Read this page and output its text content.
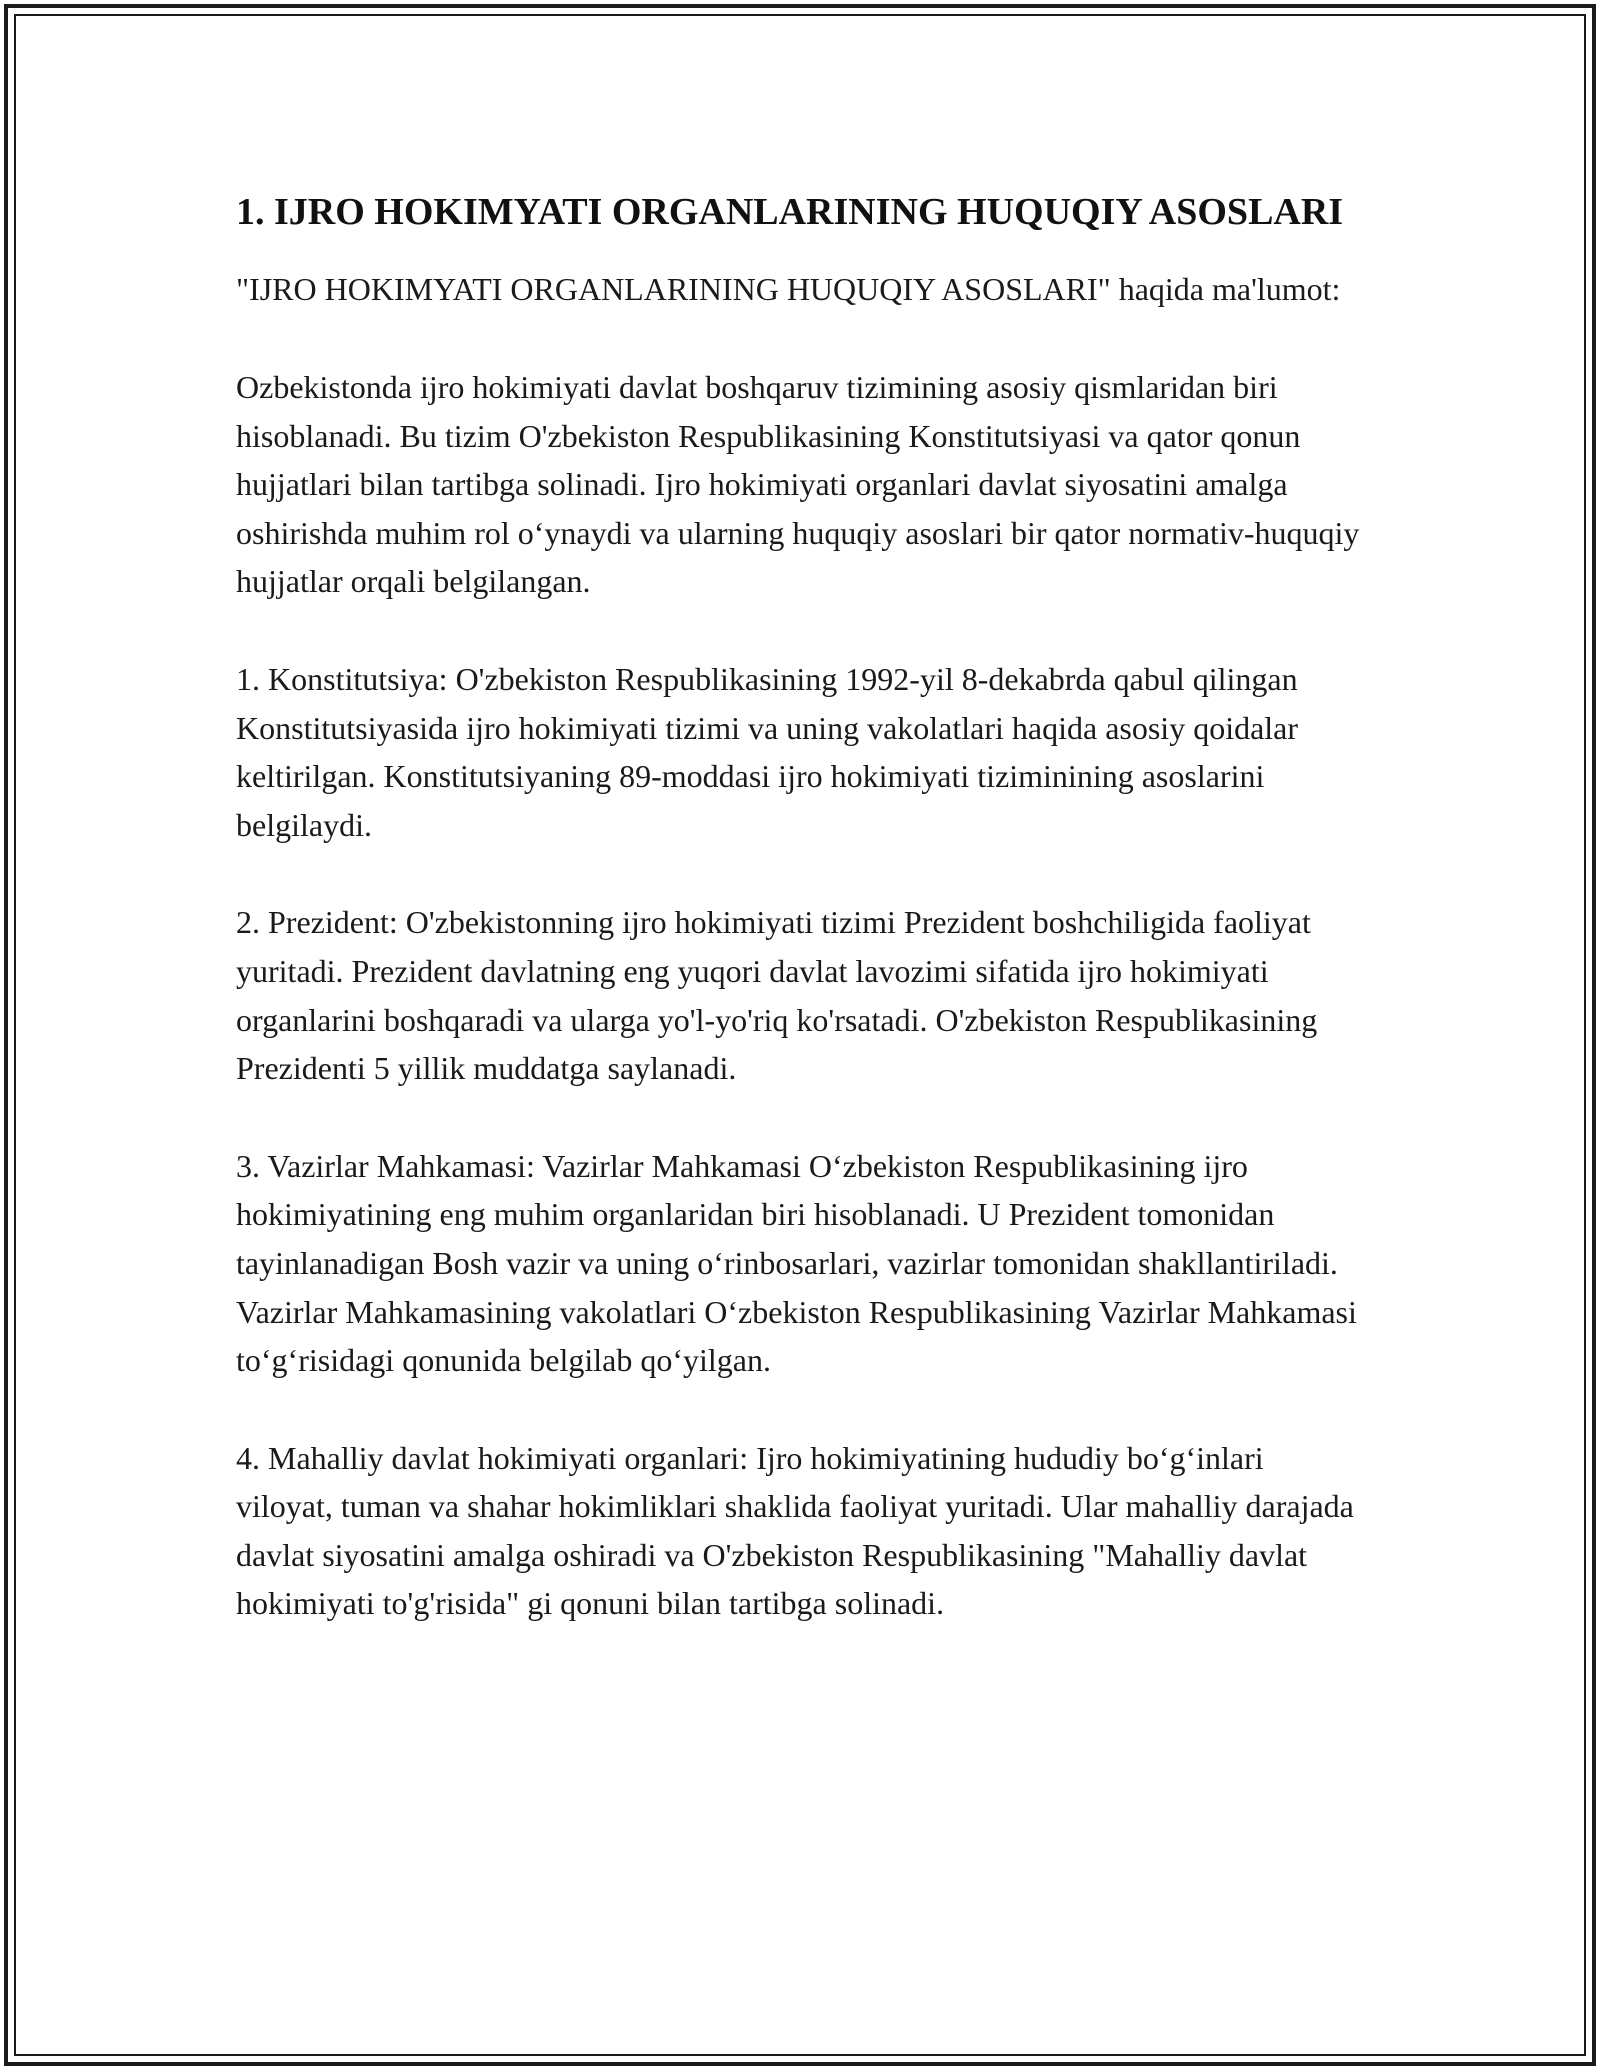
1. IJRO HOKIMYATI ORGANLARINING HUQUQIY ASOSLARI

"IJRO HOKIMYATI ORGANLARINING HUQUQIY ASOSLARI" haqida ma'lumot:

Ozbekistonda ijro hokimiyati davlat boshqaruv tizimining asosiy qismlaridan biri hisoblanadi. Bu tizim O'zbekiston Respublikasining Konstitutsiyasi va qator qonun hujjatlari bilan tartibga solinadi. Ijro hokimiyati organlari davlat siyosatini amalga oshirishda muhim rol o‘ynaydi va ularning huquqiy asoslari bir qator normativ-huquqiy hujjatlar orqali belgilangan.

1. Konstitutsiya: O'zbekiston Respublikasining 1992-yil 8-dekabrda qabul qilingan Konstitutsiyasida ijro hokimiyati tizimi va uning vakolatlari haqida asosiy qoidalar keltirilgan. Konstitutsiyaning 89-moddasi ijro hokimiyati tiziminining asoslarini belgilaydi.

2. Prezident: O'zbekistonning ijro hokimiyati tizimi Prezident boshchiligida faoliyat yuritadi. Prezident davlatning eng yuqori davlat lavozimi sifatida ijro hokimiyati organlarini boshqaradi va ularga yo'l-yo'riq ko'rsatadi. O'zbekiston Respublikasining Prezidenti 5 yillik muddatga saylanadi.

3. Vazirlar Mahkamasi: Vazirlar Mahkamasi O‘zbekiston Respublikasining ijro hokimiyatining eng muhim organlaridan biri hisoblanadi. U Prezident tomonidan tayinlanadigan Bosh vazir va uning o‘rinbosarlari, vazirlar tomonidan shakllantiriladi. Vazirlar Mahkamasining vakolatlari O‘zbekiston Respublikasining Vazirlar Mahkamasi to‘g‘risidagi qonunida belgilab qo‘yilgan.

4. Mahalliy davlat hokimiyati organlari: Ijro hokimiyatining hududiy bo‘g‘inlari viloyat, tuman va shahar hokimliklari shaklida faoliyat yuritadi. Ular mahalliy darajada davlat siyosatini amalga oshiradi va O'zbekiston Respublikasining "Mahalliy davlat hokimiyati to'g'risida" gi qonuni bilan tartibga solinadi.
